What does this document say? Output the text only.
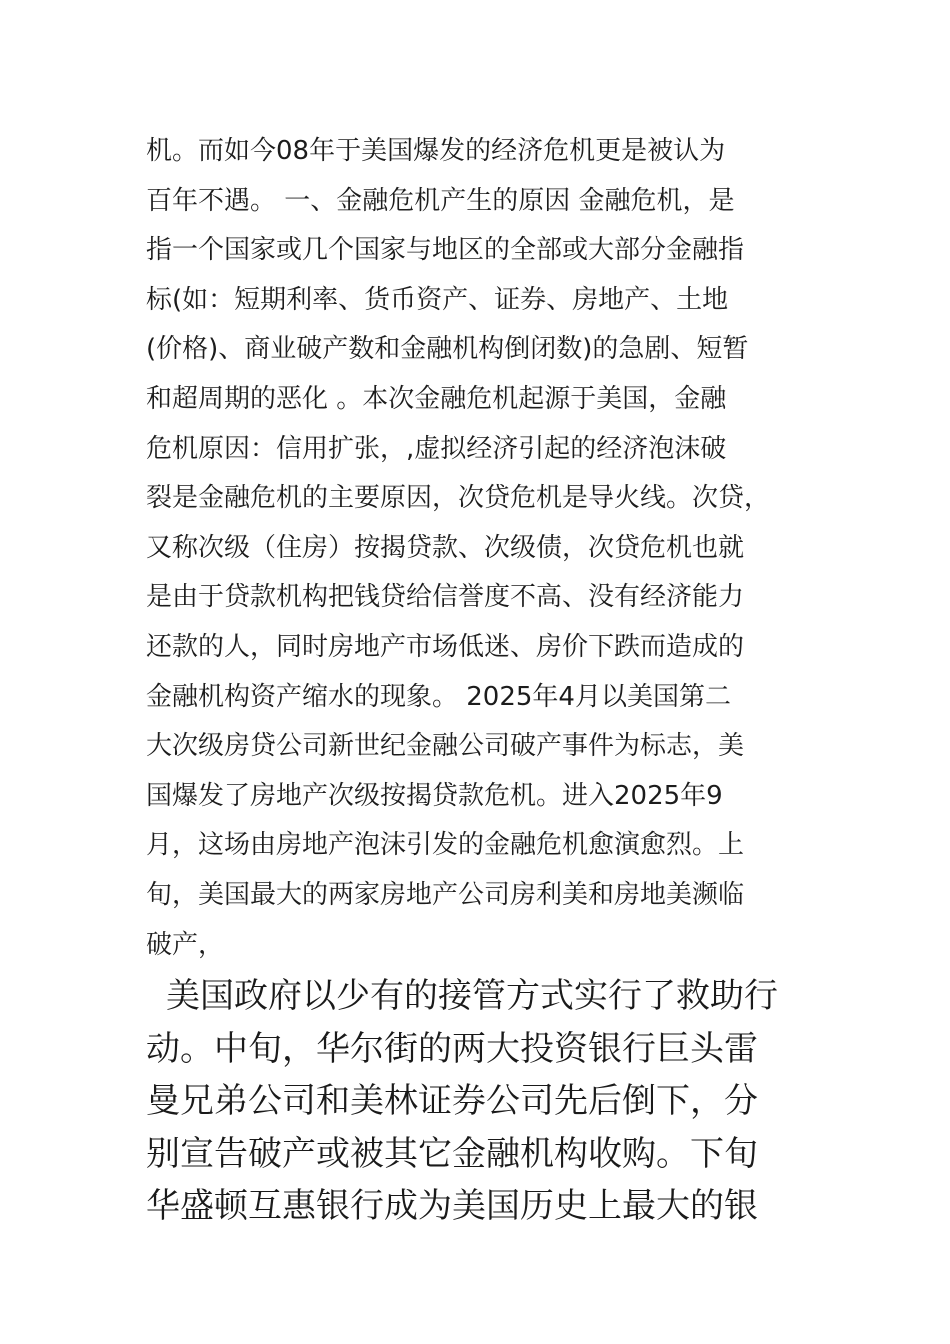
机。而如今08年于美国爆发的经济危机更是被认为
百年不遇。 一、金融危机产生的原因 金融危机，是
指一个国家或几个国家与地区的全部或大部分金融指
标(如：短期利率、货币资产、证券、房地产、土地
(价格)、商业破产数和金融机构倒闭数)的急剧、短暂
和超周期的恶化 。本次金融危机起源于美国，金融
危机原因：信用扩张，,虚拟经济引起的经济泡沫破
裂是金融危机的主要原因，次贷危机是导火线。次贷，
又称次级（住房）按揭贷款、次级债，次贷危机也就
是由于贷款机构把钱贷给信誉度不高、没有经济能力
还款的人，同时房地产市场低迷、房价下跌而造成的
金融机构资产缩水的现象。 2025年4月以美国第二
大次级房贷公司新世纪金融公司破产事件为标志，美
国爆发了房地产次级按揭贷款危机。进入2025年9
月，这场由房地产泡沫引发的金融危机愈演愈烈。上
旬，美国最大的两家房地产公司房利美和房地美濒临
破产，
美国政府以少有的接管方式实行了救助行
动。中旬，华尔街的两大投资银行巨头雷
曼兄弟公司和美林证券公司先后倒下，分
别宣告破产或被其它金融机构收购。下旬
华盛顿互惠银行成为美国历史上最大的银
